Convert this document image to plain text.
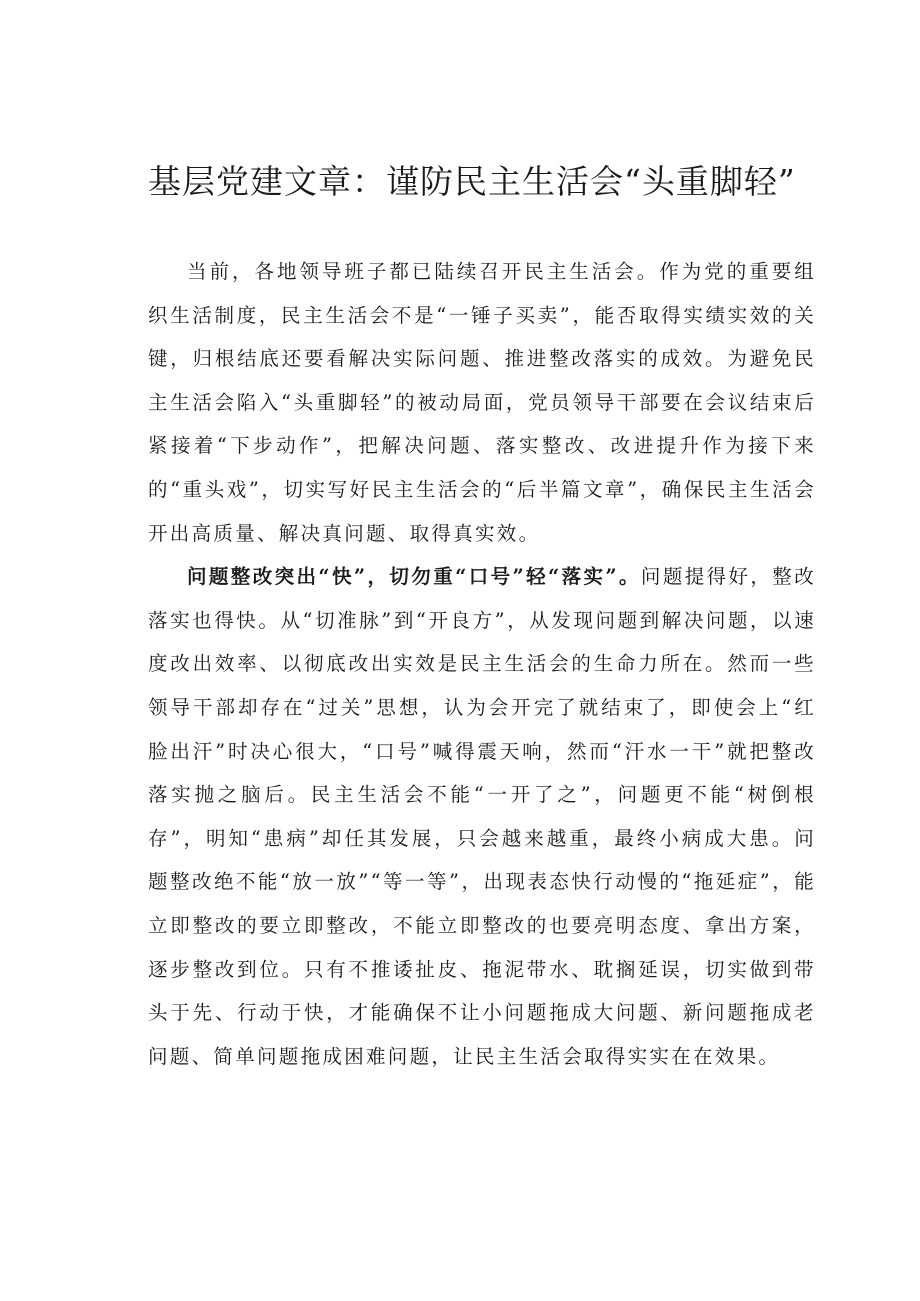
基层党建文章：谨防民主生活会“头重脚轻”

当前，各地领导班子都已陆续召开民主生活会。作为党的重要组织生活制度，民主生活会不是“一锤子买卖”，能否取得实绩实效的关键，归根结底还要看解决实际问题、推进整改落实的成效。为避免民主生活会陷入“头重脚轻”的被动局面，党员领导干部要在会议结束后紧接着“下步动作”，把解决问题、落实整改、改进提升作为接下来的“重头戏”，切实写好民主生活会的“后半篇文章”，确保民主生活会开出高质量、解决真问题、取得真实效。

问题整改突出“快”，切勿重“口号”轻“落实”。问题提得好，整改落实也得快。从“切准脉”到“开良方”，从发现问题到解决问题，以速度改出效率、以彻底改出实效是民主生活会的生命力所在。然而一些领导干部却存在“过关”思想，认为会开完了就结束了，即使会上“红脸出汗”时决心很大，“口号”喊得震天响，然而“汗水一干”就把整改落实抛之脑后。民主生活会不能“一开了之”，问题更不能“树倒根存”，明知“患病”却任其发展，只会越来越重，最终小病成大患。问题整改绝不能“放一放”“等一等”，出现表态快行动慢的“拖延症”，能立即整改的要立即整改，不能立即整改的也要亮明态度、拿出方案，逐步整改到位。只有不推诿扯皮、拖泥带水、耽搁延误，切实做到带头于先、行动于快，才能确保不让小问题拖成大问题、新问题拖成老问题、简单问题拖成困难问题，让民主生活会取得实实在在效果。
